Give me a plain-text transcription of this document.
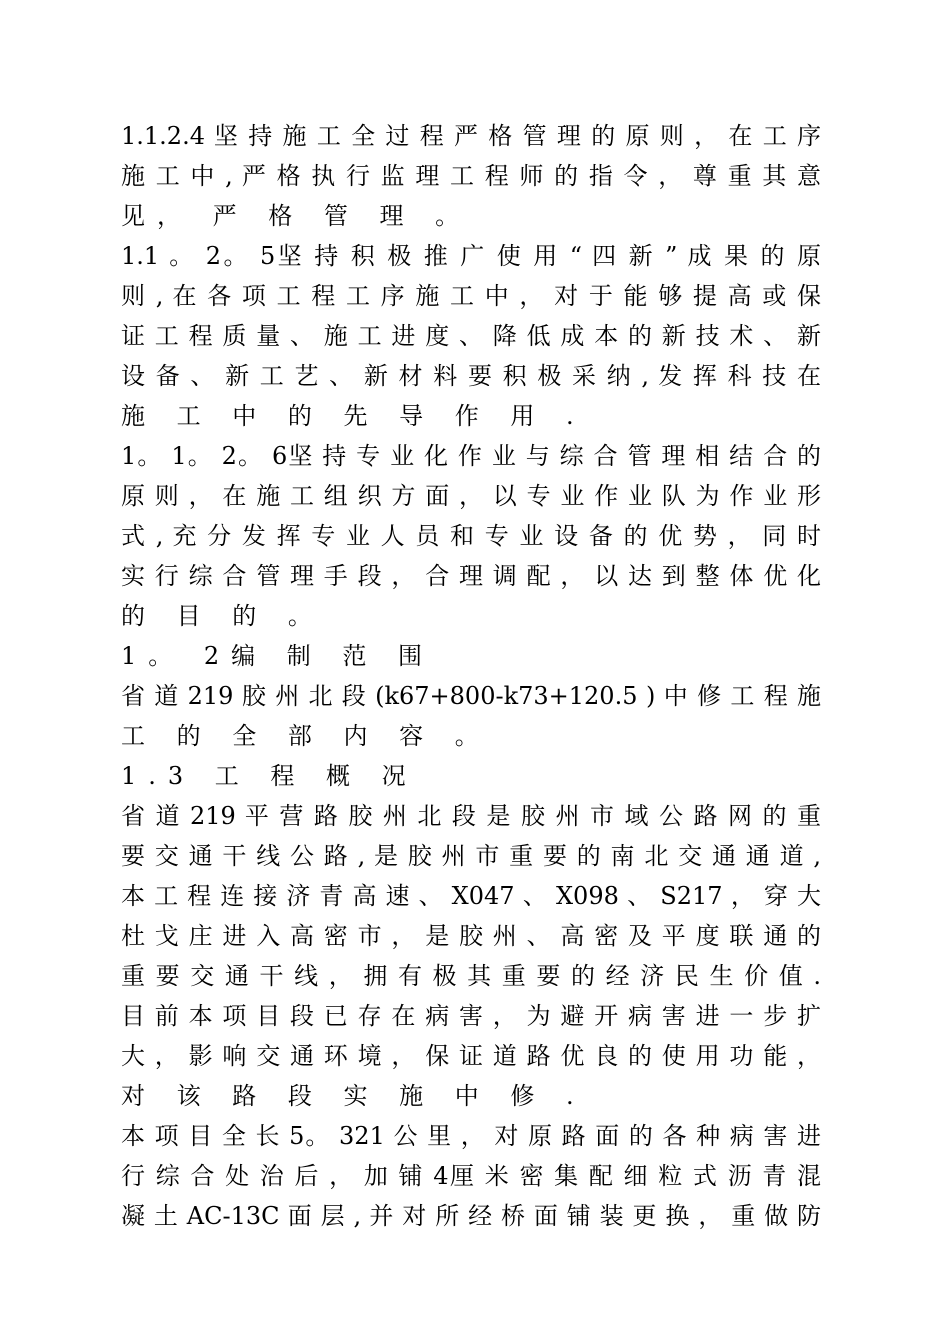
1.1.2.4 坚 持 施 工 全 过 程 严 格 管 理 的 原 则 ， 在 工 序
施 工 中 , 严 格 执 行 监 理 工 程 师 的 指 令 ， 尊 重 其 意
见， 严 格 管 理 。
1.1 。 2。 5坚 持 积 极 推 广 使 用 “ 四 新 ” 成 果 的 原
则 , 在 各 项 工 程 工 序 施 工 中 ， 对 于 能 够 提 高 或 保
证 工 程 质 量 、 施 工 进 度 、 降 低 成 本 的 新 技 术 、 新
设 备 、 新 工 艺 、 新 材 料 要 积 极 采 纳 , 发 挥 科 技 在
施 工 中 的 先 导 作 用 .
1。 1。 2。 6坚 持 专 业 化 作 业 与 综 合 管 理 相 结 合 的
原 则 ， 在 施 工 组 织 方 面 ， 以 专 业 作 业 队 为 作 业 形
式 , 充 分 发 挥 专 业 人 员 和 专 业 设 备 的 优 势 ， 同 时
实 行 综 合 管 理 手 段 ， 合 理 调 配 ， 以 达 到 整 体 优 化
的 目 的 。
1。 2编 制 范 围
省 道 219 胶 州 北 段 (k67+800-k73+120.5 ) 中 修 工 程 施
工 的 全 部 内 容 。
1.3 工 程 概 况
省 道 219 平 营 路 胶 州 北 段 是 胶 州 市 域 公 路 网 的 重
要 交 通 干 线 公 路 , 是 胶 州 市 重 要 的 南 北 交 通 通 道 ,
本 工 程 连 接 济 青 高 速 、 X047 、 X098 、 S217 ， 穿 大
杜 戈 庄 进 入 高 密 市 ， 是 胶 州 、 高 密 及 平 度 联 通 的
重 要 交 通 干 线 ， 拥 有 极 其 重 要 的 经 济 民 生 价 值 .
目 前 本 项 目 段 已 存 在 病 害 ， 为 避 开 病 害 进 一 步 扩
大 ， 影 响 交 通 环 境 ， 保 证 道 路 优 良 的 使 用 功 能 ，
对 该 路 段 实 施 中 修 .
本 项 目 全 长 5。 321 公 里 ， 对 原 路 面 的 各 种 病 害 进
行 综 合 处 治 后 ， 加 铺 4厘 米 密 集 配 细 粒 式 沥 青 混
凝 土 AC-13C 面 层 , 并 对 所 经 桥 面 铺 装 更 换 ， 重 做 防
